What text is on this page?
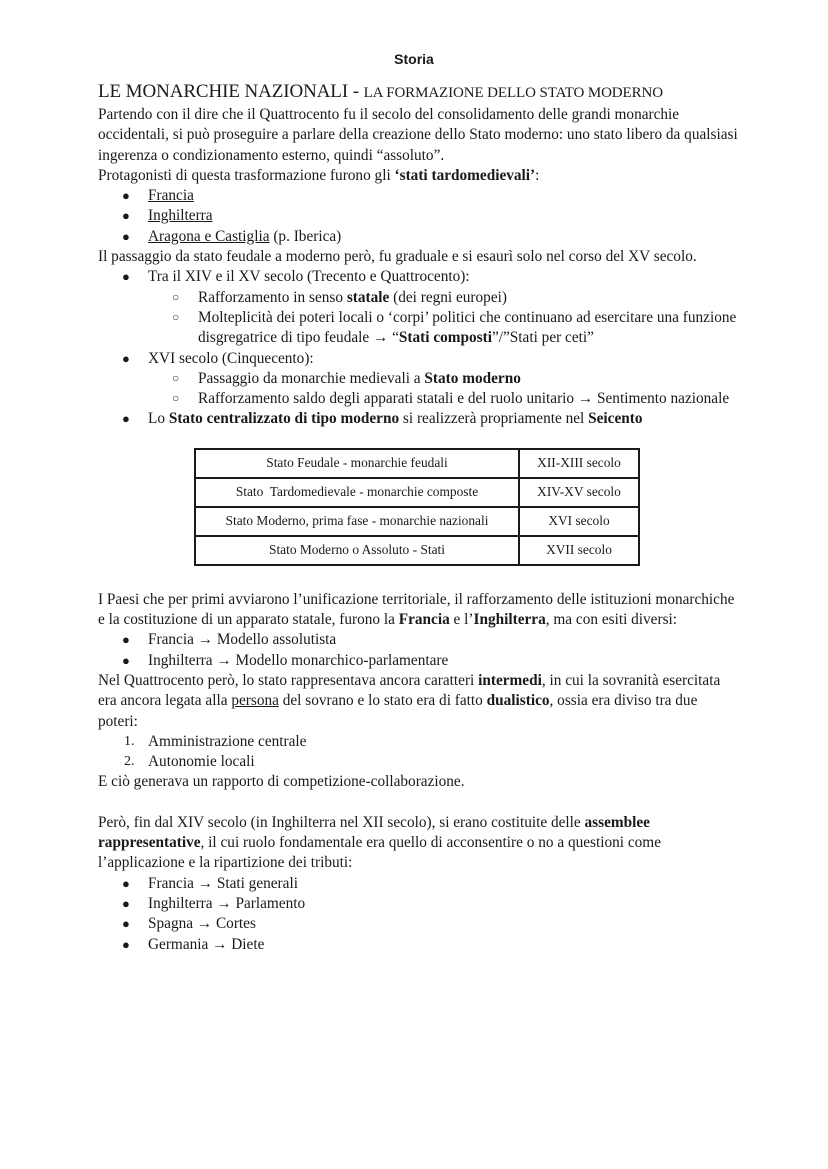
Storia
LE MONARCHIE NAZIONALI - LA FORMAZIONE DELLO STATO MODERNO

Partendo con il dire che il Quattrocento fu il secolo del consolidamento delle grandi monarchie occidentali, si può proseguire a parlare della creazione dello Stato moderno: uno stato libero da qualsiasi ingerenza o condizionamento esterno, quindi “assoluto”.

Protagonisti di questa trasformazione furono gli ‘stati tardomedievali’:

● Francia
● Inghilterra
● Aragona e Castiglia (p. Iberica)

Il passaggio da stato feudale a moderno però, fu graduale e si esaurì solo nel corso del XV secolo.

● Tra il XIV e il XV secolo (Trecento e Quattrocento):
○ Rafforzamento in senso statale (dei regni europei)
○ Molteplicità dei poteri locali o ‘corpi’ politici che continuano ad esercitare una funzione disgregatrice di tipo feudale → “Stati composti”/”Stati per ceti”
● XVI secolo (Cinquecento):
○ Passaggio da monarchie medievali a Stato moderno
○ Rafforzamento saldo degli apparati statali e del ruolo unitario → Sentimento nazionale
● Lo Stato centralizzato di tipo moderno si realizzerà propriamente nel Seicento
Stato Feudale - monarchie feudali	XII-XIII secolo
Stato  Tardomedievale - monarchie composte	XIV-XV secolo
Stato Moderno, prima fase - monarchie nazionali	XVI secolo
Stato Moderno o Assoluto - Stati	XVII secolo

I Paesi che per primi avviarono l’unificazione territoriale, il rafforzamento delle istituzioni monarchiche e la costituzione di un apparato statale, furono la Francia e l’Inghilterra, ma con esiti diversi:

● Francia → Modello assolutista
● Inghilterra → Modello monarchico-parlamentare

Nel Quattrocento però, lo stato rappresentava ancora caratteri intermedi, in cui la sovranità esercitata era ancora legata alla persona del sovrano e lo stato era di fatto dualistico, ossia era diviso tra due poteri:

1. Amministrazione centrale
2. Autonomie locali

E ciò generava un rapporto di competizione-collaborazione.

Però, fin dal XIV secolo (in Inghilterra nel XII secolo), si erano costituite delle assemblee rappresentative, il cui ruolo fondamentale era quello di acconsentire o no a questioni come l’applicazione e la ripartizione dei tributi:

● Francia → Stati generali
● Inghilterra → Parlamento
● Spagna → Cortes
● Germania → Diete
